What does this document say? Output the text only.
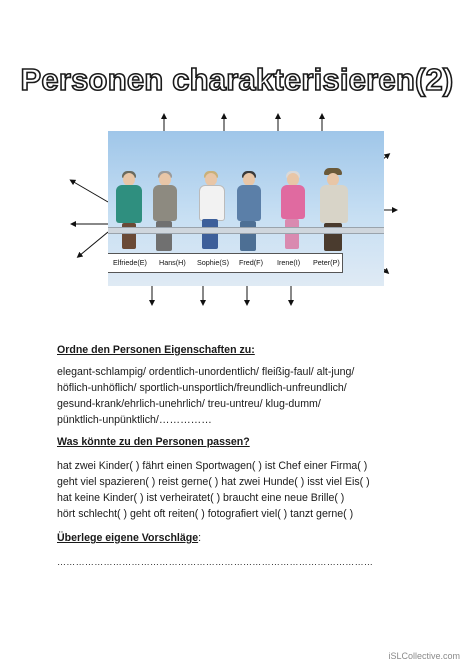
Personen charakterisieren(2)
Elfriede(E) Hans(H) Sophie(S) Fred(F) Irene(I) Peter(P)
Ordne den Personen Eigenschaften zu:
elegant-schlampig/ ordentlich-unordentlich/ fleißig-faul/ alt-jung/
höflich-unhöflich/ sportlich-unsportlich/freundlich-unfreundlich/
gesund-krank/ehrlich-unehrlich/ treu-untreu/ klug-dumm/
pünktlich-unpünktlich/……………
Was könnte zu den Personen passen?
hat zwei Kinder( ) fährt einen Sportwagen( ) ist Chef einer Firma( )
geht viel spazieren( ) reist gerne( ) hat zwei Hunde( ) isst viel Eis( )
hat keine Kinder( ) ist verheiratet( ) braucht eine neue Brille( )
hört schlecht( ) geht oft reiten( ) fotografiert viel( ) tanzt gerne( )
Überlege eigene Vorschläge:
…………………………………………………………………………………………
iSLCollective.com
